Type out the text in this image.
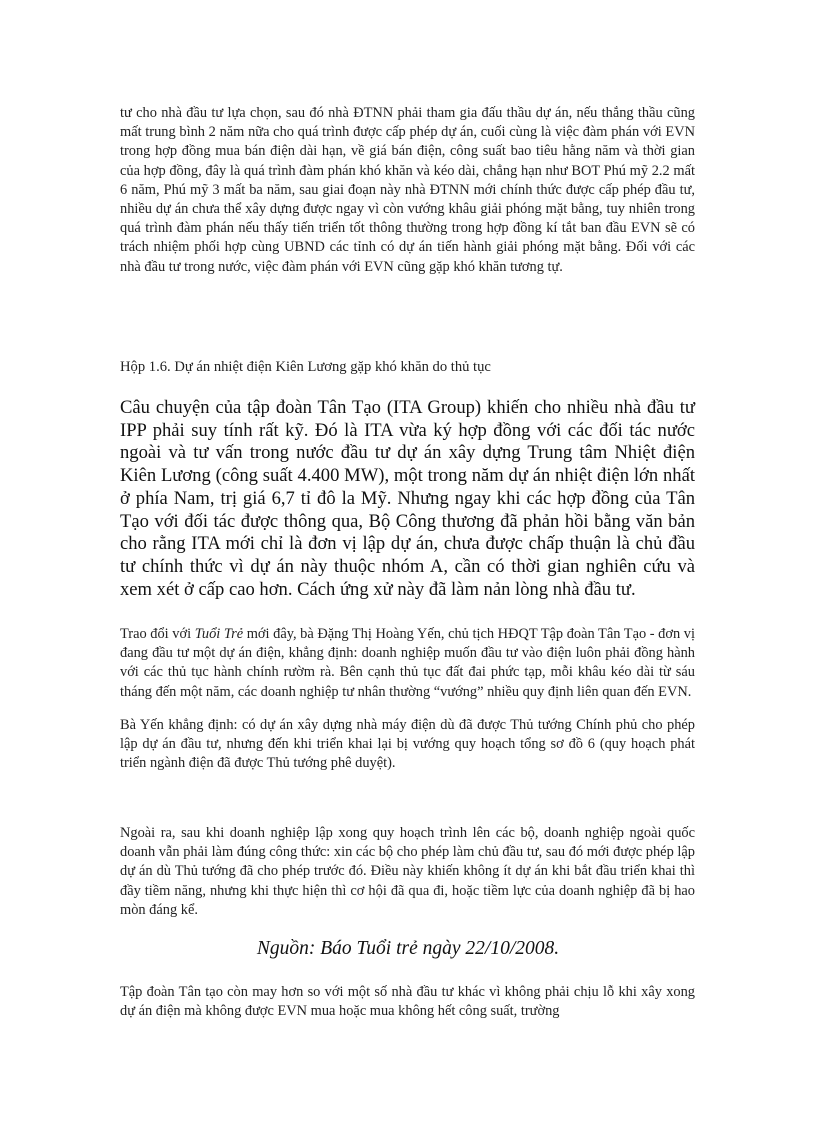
tư cho nhà đầu tư lựa chọn, sau đó nhà ĐTNN phải tham gia đấu thầu dự án, nếu thắng thầu cũng mất trung bình 2 năm nữa cho quá trình được cấp phép dự án, cuối cùng là việc đàm phán với EVN trong hợp đồng mua bán điện dài hạn, về giá bán điện, công suất bao tiêu hằng năm và thời gian của hợp đồng, đây là quá trình đàm phán khó khăn và kéo dài, chẳng hạn như BOT Phú mỹ 2.2 mất 6 năm, Phú mỹ 3 mất ba năm, sau giai đoạn này nhà ĐTNN mới chính thức được cấp phép đầu tư, nhiều dự án chưa thể xây dựng được ngay vì còn vướng khâu giải phóng mặt bằng, tuy nhiên trong quá trình đàm phán nếu thấy tiến triển tốt thông thường trong hợp đồng kí tắt ban đầu EVN sẽ có trách nhiệm phối hợp cùng UBND các tỉnh có dự án tiến hành giải phóng mặt bằng. Đối với các nhà đầu tư trong nước, việc đàm phán với EVN cũng gặp khó khăn tương tự.

Hộp 1.6. Dự án nhiệt điện Kiên Lương gặp khó khăn do thủ tục

Câu chuyện của tập đoàn Tân Tạo (ITA Group) khiến cho nhiều nhà đầu tư IPP phải suy tính rất kỹ. Đó là ITA vừa ký hợp đồng với các đối tác nước ngoài và tư vấn trong nước đầu tư dự án xây dựng Trung tâm Nhiệt điện Kiên Lương (công suất 4.400 MW), một trong năm dự án nhiệt điện lớn nhất ở phía Nam, trị giá 6,7 tỉ đô la Mỹ. Nhưng ngay khi các hợp đồng của Tân Tạo với đối tác được thông qua, Bộ Công thương đã phản hồi bằng văn bản cho rằng ITA mới chỉ là đơn vị lập dự án, chưa được chấp thuận là chủ đầu tư chính thức vì dự án này thuộc nhóm A, cần có thời gian nghiên cứu và xem xét ở cấp cao hơn. Cách ứng xử này đã làm nản lòng nhà đầu tư.

Trao đổi với Tuổi Trẻ mới đây, bà Đặng Thị Hoàng Yến, chủ tịch HĐQT Tập đoàn Tân Tạo - đơn vị đang đầu tư một dự án điện, khẳng định: doanh nghiệp muốn đầu tư vào điện luôn phải đồng hành với các thủ tục hành chính rườm rà. Bên cạnh thủ tục đất đai phức tạp, mỗi khâu kéo dài từ sáu tháng đến một năm, các doanh nghiệp tư nhân thường “vướng” nhiều quy định liên quan đến EVN.

Bà Yến khẳng định: có dự án xây dựng nhà máy điện dù đã được Thủ tướng Chính phủ cho phép lập dự án đầu tư, nhưng đến khi triển khai lại bị vướng quy hoạch tổng sơ đồ 6 (quy hoạch phát triển ngành điện đã được Thủ tướng phê duyệt).

Ngoài ra, sau khi doanh nghiệp lập xong quy hoạch trình lên các bộ, doanh nghiệp ngoài quốc doanh vẫn phải làm đúng công thức: xin các bộ cho phép làm chủ đầu tư, sau đó mới được phép lập dự án dù Thủ tướng đã cho phép trước đó. Điều này khiến không ít dự án khi bắt đầu triển khai thì đầy tiềm năng, nhưng khi thực hiện thì cơ hội đã qua đi, hoặc tiềm lực của doanh nghiệp đã bị hao mòn đáng kể.

Nguồn: Báo Tuổi trẻ ngày 22/10/2008.

Tập đoàn Tân tạo còn may hơn so với một số nhà đầu tư khác vì không phải chịu lỗ khi xây xong dự án điện mà không được EVN mua hoặc mua không hết công suất, trường
